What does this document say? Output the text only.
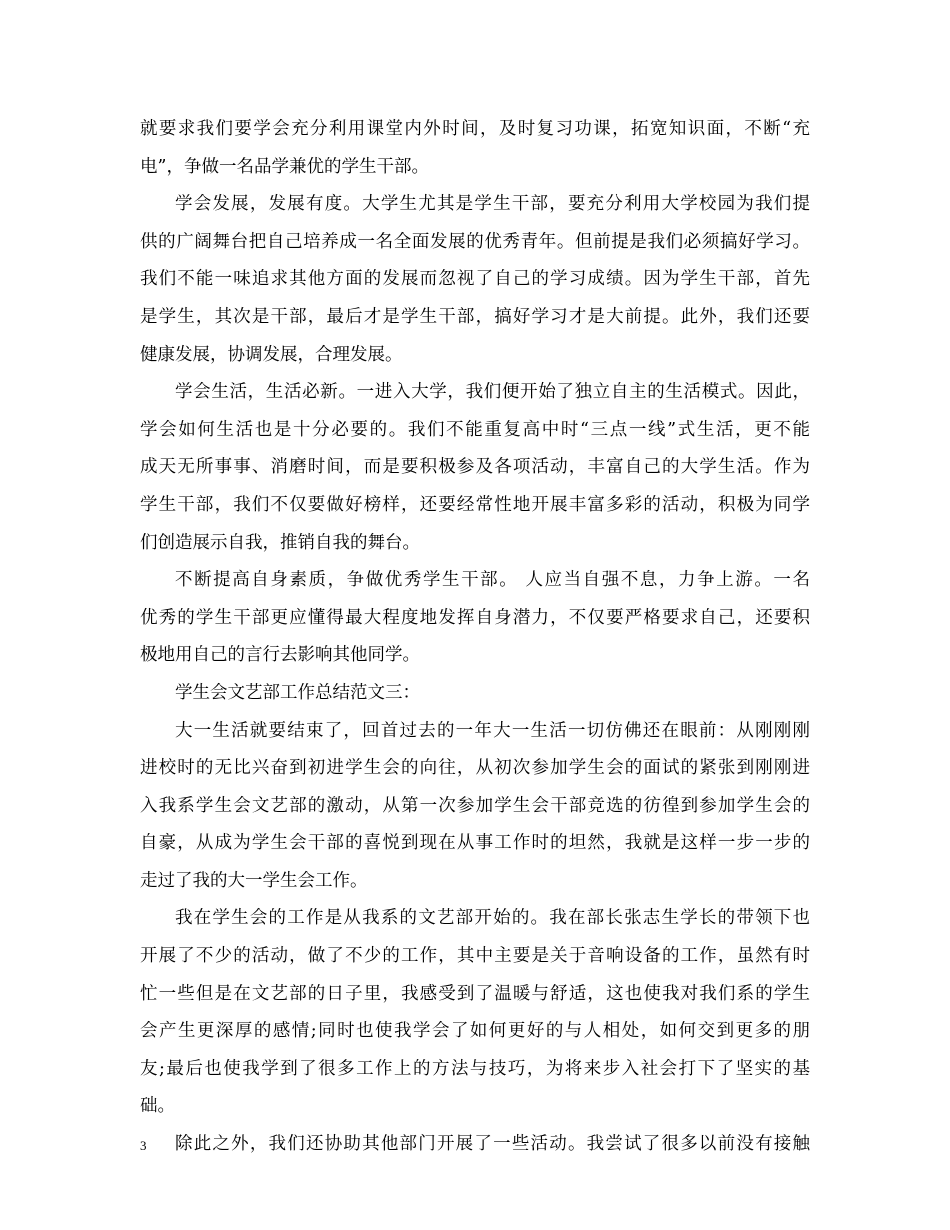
就要求我们要学会充分利用课堂内外时间，及时复习功课，拓宽知识面，不断“充
电”，争做一名品学兼优的学生干部。
学会发展，发展有度。大学生尤其是学生干部，要充分利用大学校园为我们提
供的广阔舞台把自己培养成一名全面发展的优秀青年。但前提是我们必须搞好学习。
我们不能一味追求其他方面的发展而忽视了自己的学习成绩。因为学生干部，首先
是学生，其次是干部，最后才是学生干部，搞好学习才是大前提。此外，我们还要
健康发展，协调发展，合理发展。
学会生活，生活必新。一进入大学，我们便开始了独立自主的生活模式。因此，
学会如何生活也是十分必要的。我们不能重复高中时“三点一线”式生活，更不能
成天无所事事、消磨时间，而是要积极参及各项活动，丰富自己的大学生活。作为
学生干部，我们不仅要做好榜样，还要经常性地开展丰富多彩的活动，积极为同学
们创造展示自我，推销自我的舞台。
不断提高自身素质，争做优秀学生干部。 人应当自强不息，力争上游。一名
优秀的学生干部更应懂得最大程度地发挥自身潜力，不仅要严格要求自己，还要积
极地用自己的言行去影响其他同学。
学生会文艺部工作总结范文三：
大一生活就要结束了，回首过去的一年大一生活一切仿佛还在眼前：从刚刚刚
进校时的无比兴奋到初进学生会的向往，从初次参加学生会的面试的紧张到刚刚进
入我系学生会文艺部的激动，从第一次参加学生会干部竞选的彷徨到参加学生会的
自豪，从成为学生会干部的喜悦到现在从事工作时的坦然，我就是这样一步一步的
走过了我的大一学生会工作。
我在学生会的工作是从我系的文艺部开始的。我在部长张志生学长的带领下也
开展了不少的活动，做了不少的工作，其中主要是关于音响设备的工作，虽然有时
忙一些但是在文艺部的日子里，我感受到了温暖与舒适，这也使我对我们系的学生
会产生更深厚的感情;同时也使我学会了如何更好的与人相处，如何交到更多的朋
友;最后也使我学到了很多工作上的方法与技巧，为将来步入社会打下了坚实的基
础。
除此之外，我们还协助其他部门开展了一些活动。我尝试了很多以前没有接触
3
